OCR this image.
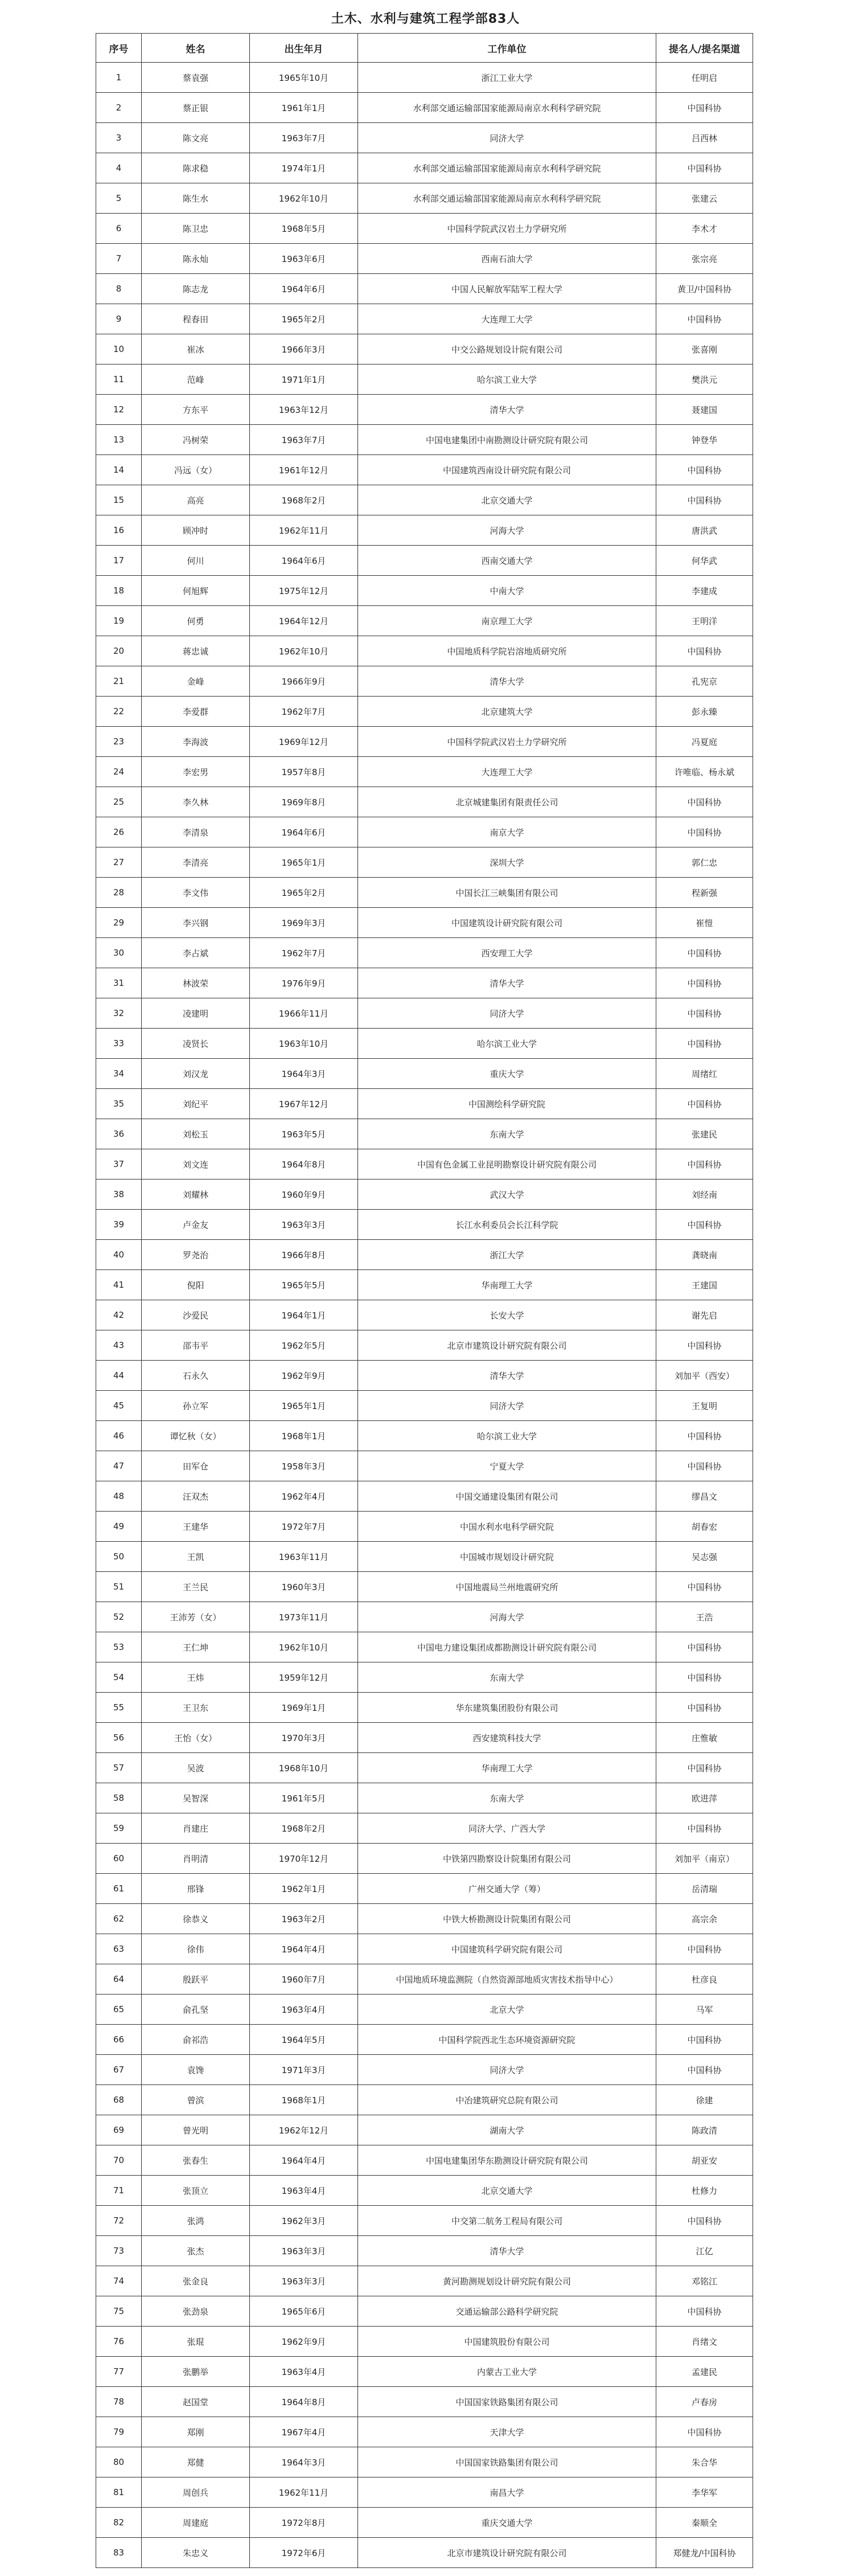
土木、水利与建筑工程学部83人
序号	姓名	出生年月	工作单位	提名人/提名渠道
1	蔡袁强	1965年10月	浙江工业大学	任明启
2	蔡正银	1961年1月	水利部交通运输部国家能源局南京水利科学研究院	中国科协
3	陈文亮	1963年7月	同济大学	吕西林
4	陈求稳	1974年1月	水利部交通运输部国家能源局南京水利科学研究院	中国科协
5	陈生水	1962年10月	水利部交通运输部国家能源局南京水利科学研究院	张建云
6	陈卫忠	1968年5月	中国科学院武汉岩土力学研究所	李术才
7	陈永灿	1963年6月	西南石油大学	张宗亮
8	陈志龙	1964年6月	中国人民解放军陆军工程大学	黄卫/中国科协
9	程春田	1965年2月	大连理工大学	中国科协
10	崔冰	1966年3月	中交公路规划设计院有限公司	张喜刚
11	范峰	1971年1月	哈尔滨工业大学	樊洪元
12	方东平	1963年12月	清华大学	聂建国
13	冯树荣	1963年7月	中国电建集团中南勘测设计研究院有限公司	钟登华
14	冯远（女）	1961年12月	中国建筑西南设计研究院有限公司	中国科协
15	高亮	1968年2月	北京交通大学	中国科协
16	顾冲时	1962年11月	河海大学	唐洪武
17	何川	1964年6月	西南交通大学	何华武
18	何旭辉	1975年12月	中南大学	李建成
19	何勇	1964年12月	南京理工大学	王明洋
20	蒋忠诚	1962年10月	中国地质科学院岩溶地质研究所	中国科协
21	金峰	1966年9月	清华大学	孔宪京
22	李爱群	1962年7月	北京建筑大学	彭永臻
23	李海波	1969年12月	中国科学院武汉岩土力学研究所	冯夏庭
24	李宏男	1957年8月	大连理工大学	许唯临、杨永斌
25	李久林	1969年8月	北京城建集团有限责任公司	中国科协
26	李清泉	1964年6月	南京大学	中国科协
27	李清亮	1965年1月	深圳大学	郭仁忠
28	李文伟	1965年2月	中国长江三峡集团有限公司	程新强
29	李兴钢	1969年3月	中国建筑设计研究院有限公司	崔愷
30	李占斌	1962年7月	西安理工大学	中国科协
31	林波荣	1976年9月	清华大学	中国科协
32	凌建明	1966年11月	同济大学	中国科协
33	凌贤长	1963年10月	哈尔滨工业大学	中国科协
34	刘汉龙	1964年3月	重庆大学	周绪红
35	刘纪平	1967年12月	中国测绘科学研究院	中国科协
36	刘松玉	1963年5月	东南大学	张建民
37	刘文连	1964年8月	中国有色金属工业昆明勘察设计研究院有限公司	中国科协
38	刘耀林	1960年9月	武汉大学	刘经南
39	卢金友	1963年3月	长江水利委员会长江科学院	中国科协
40	罗尧治	1966年8月	浙江大学	龚晓南
41	倪阳	1965年5月	华南理工大学	王建国
42	沙爱民	1964年1月	长安大学	谢先启
43	邵韦平	1962年5月	北京市建筑设计研究院有限公司	中国科协
44	石永久	1962年9月	清华大学	刘加平（西安）
45	孙立军	1965年1月	同济大学	王复明
46	谭忆秋（女）	1968年1月	哈尔滨工业大学	中国科协
47	田军仓	1958年3月	宁夏大学	中国科协
48	汪双杰	1962年4月	中国交通建设集团有限公司	缪昌文
49	王建华	1972年7月	中国水利水电科学研究院	胡春宏
50	王凯	1963年11月	中国城市规划设计研究院	吴志强
51	王兰民	1960年3月	中国地震局兰州地震研究所	中国科协
52	王沛芳（女）	1973年11月	河海大学	王浩
53	王仁坤	1962年10月	中国电力建设集团成都勘测设计研究院有限公司	中国科协
54	王炜	1959年12月	东南大学	中国科协
55	王卫东	1969年1月	华东建筑集团股份有限公司	中国科协
56	王怡（女）	1970年3月	西安建筑科技大学	庄惟敏
57	吴波	1968年10月	华南理工大学	中国科协
58	吴智深	1961年5月	东南大学	欧进萍
59	肖建庄	1968年2月	同济大学、广西大学	中国科协
60	肖明清	1970年12月	中铁第四勘察设计院集团有限公司	刘加平（南京）
61	邢锋	1962年1月	广州交通大学（筹）	岳清瑞
62	徐恭义	1963年2月	中铁大桥勘测设计院集团有限公司	高宗余
63	徐伟	1964年4月	中国建筑科学研究院有限公司	中国科协
64	殷跃平	1960年7月	中国地质环境监测院（自然资源部地质灾害技术指导中心）	杜彦良
65	俞孔坚	1963年4月	北京大学	马军
66	俞祁浩	1964年5月	中国科学院西北生态环境资源研究院	中国科协
67	袁馋	1971年3月	同济大学	中国科协
68	曾滨	1968年1月	中冶建筑研究总院有限公司	徐建
69	曾光明	1962年12月	湖南大学	陈政清
70	张春生	1964年4月	中国电建集团华东勘测设计研究院有限公司	胡亚安
71	张顶立	1963年4月	北京交通大学	杜修力
72	张鸿	1962年3月	中交第二航务工程局有限公司	中国科协
73	张杰	1963年3月	清华大学	江亿
74	张金良	1963年3月	黄河勘测规划设计研究院有限公司	邓铭江
75	张劲泉	1965年6月	交通运输部公路科学研究院	中国科协
76	张琨	1962年9月	中国建筑股份有限公司	肖绪文
77	张鹏举	1963年4月	内蒙古工业大学	孟建民
78	赵国堂	1964年8月	中国国家铁路集团有限公司	卢春房
79	郑刚	1967年4月	天津大学	中国科协
80	郑健	1964年3月	中国国家铁路集团有限公司	朱合华
81	周创兵	1962年11月	南昌大学	李华军
82	周建庭	1972年8月	重庆交通大学	秦顺全
83	朱忠义	1972年6月	北京市建筑设计研究院有限公司	郑健龙/中国科协
